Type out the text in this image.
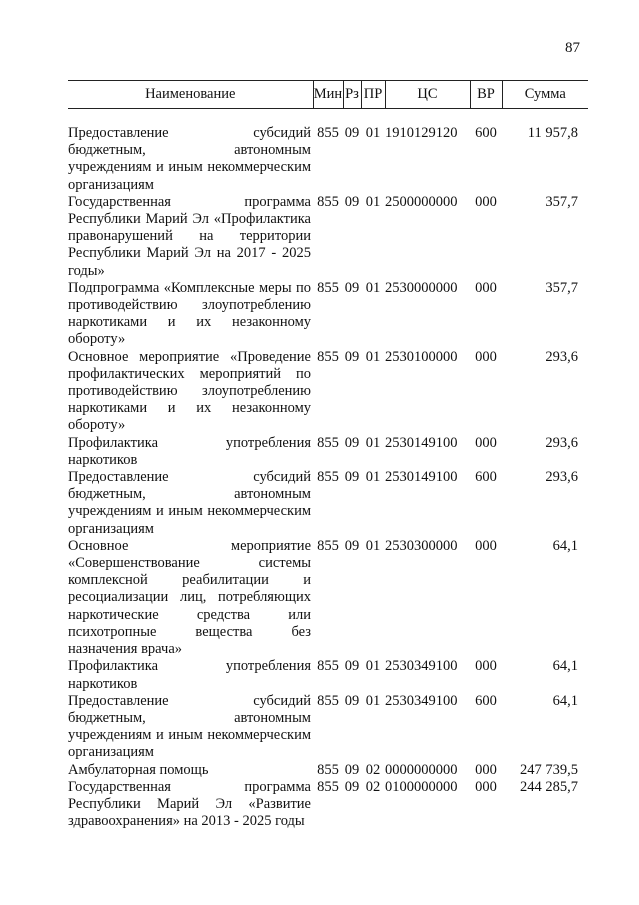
87
Наименование	Мин	Рз	ПР	ЦС	ВР	Сумма

Предоставление субсидий бюджетным, автономным учреждениям и иным некоммерческим организациям	855	09	01	1910129120	600	11 957,8
Государственная программа Республики Марий Эл «Профилактика правонарушений на территории Республики Марий Эл на 2017 - 2025 годы»	855	09	01	2500000000	000	357,7
Подпрограмма «Комплексные меры по противодействию злоупотреблению наркотиками и их незаконному обороту»	855	09	01	2530000000	000	357,7
Основное мероприятие «Проведение профилактических мероприятий по противодействию злоупотреблению наркотиками и их незаконному обороту»	855	09	01	2530100000	000	293,6
Профилактика употребления наркотиков	855	09	01	2530149100	000	293,6
Предоставление субсидий бюджетным, автономным учреждениям и иным некоммерческим организациям	855	09	01	2530149100	600	293,6
Основное мероприятие «Совершенствование системы комплексной реабилитации и ресоциализации лиц, потребляющих наркотические средства или психотропные вещества без назначения врача»	855	09	01	2530300000	000	64,1
Профилактика употребления наркотиков	855	09	01	2530349100	000	64,1
Предоставление субсидий бюджетным, автономным учреждениям и иным некоммерческим организациям	855	09	01	2530349100	600	64,1
Амбулаторная помощь	855	09	02	0000000000	000	247 739,5
Государственная программа Республики Марий Эл «Развитие здравоохранения» на 2013 - 2025 годы	855	09	02	0100000000	000	244 285,7
